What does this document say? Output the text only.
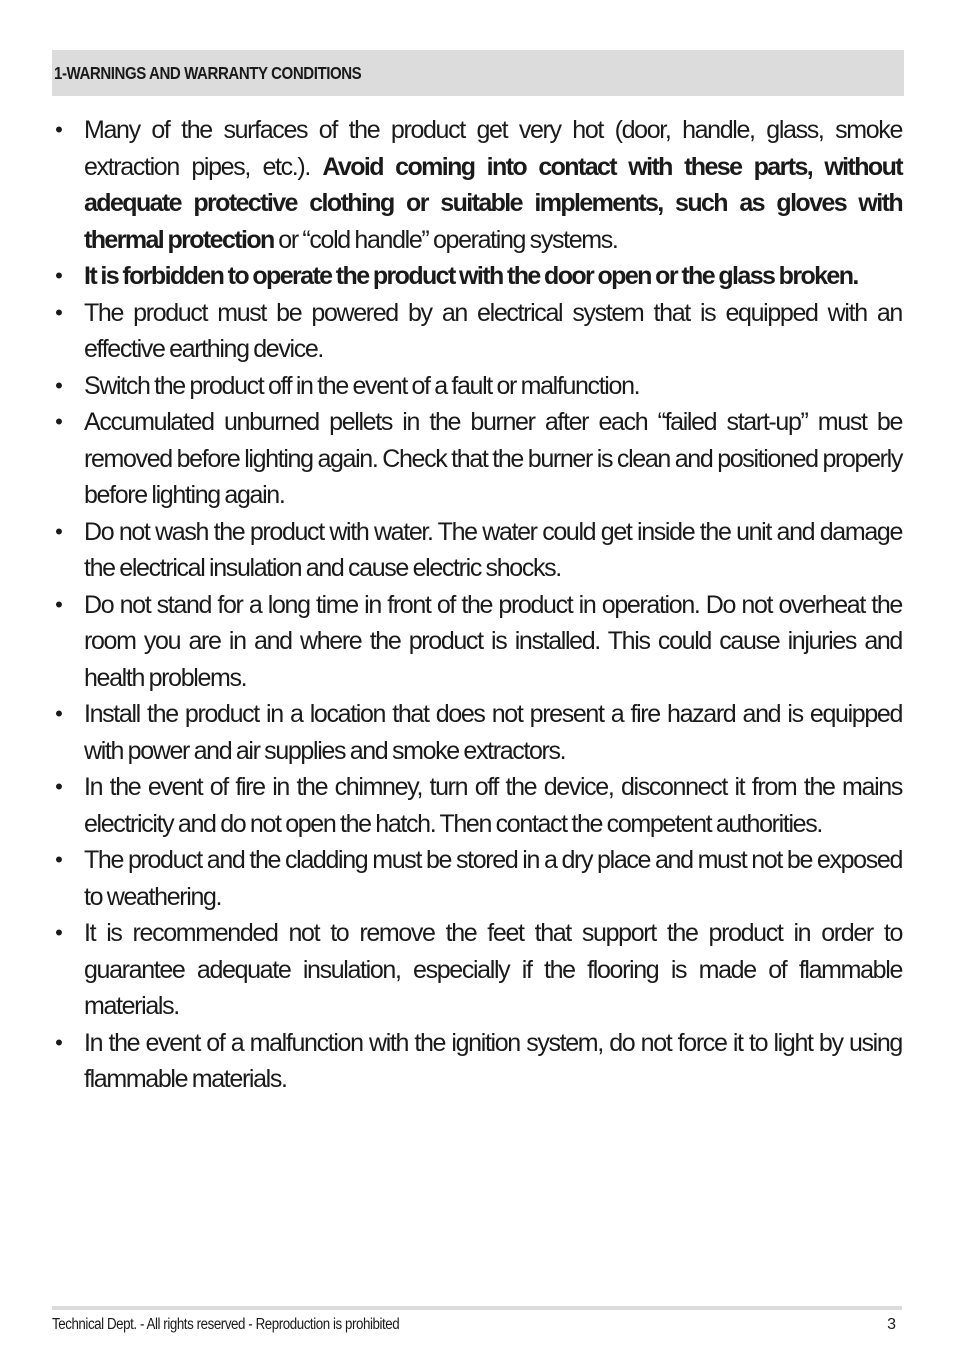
1-WARNINGS AND WARRANTY CONDITIONS
• Many of the surfaces of the product get very hot (door, handle, glass, smoke extraction pipes, etc.). Avoid coming into contact with these parts, without adequate protective clothing or suitable implements, such as gloves with thermal protection or “cold handle” operating systems.
• It is forbidden to operate the product with the door open or the glass broken.
• The product must be powered by an electrical system that is equipped with an effective earthing device.
• Switch the product off in the event of a fault or malfunction.
• Accumulated unburned pellets in the burner after each “failed start-up” must be removed before lighting again. Check that the burner is clean and positioned properly before lighting again.
• Do not wash the product with water. The water could get inside the unit and damage the electrical insulation and cause electric shocks.
• Do not stand for a long time in front of the product in operation. Do not overheat the room you are in and where the product is installed. This could cause injuries and health problems.
• Install the product in a location that does not present a fire hazard and is equipped with power and air supplies and smoke extractors.
• In the event of fire in the chimney, turn off the device, disconnect it from the mains electricity and do not open the hatch. Then contact the competent authorities.
• The product and the cladding must be stored in a dry place and must not be exposed to weathering.
• It is recommended not to remove the feet that support the product in order to guarantee adequate insulation, especially if the flooring is made of flammable materials.
• In the event of a malfunction with the ignition system, do not force it to light by using flammable materials.
Technical Dept. - All rights reserved - Reproduction is prohibited	3
